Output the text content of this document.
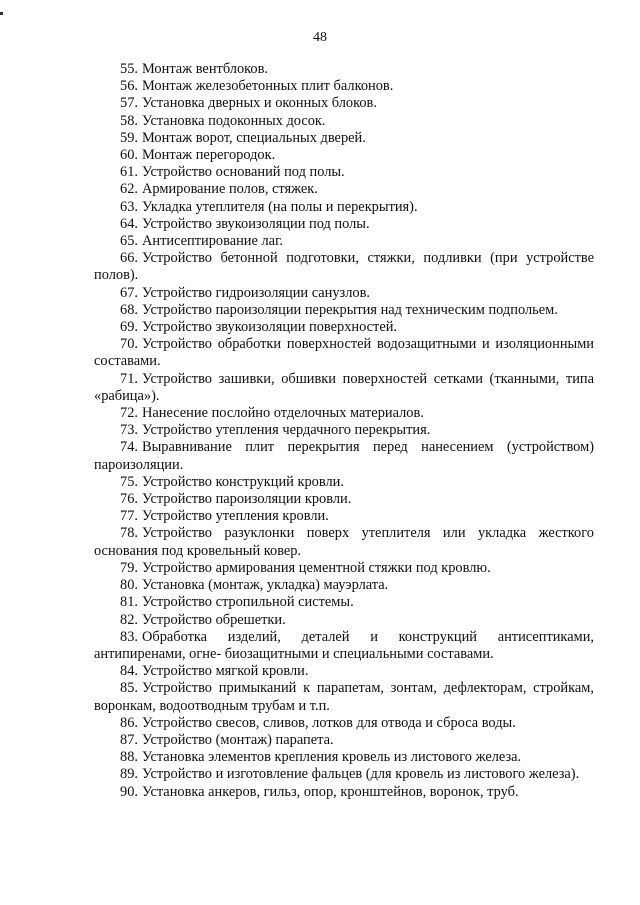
48

55. Монтаж вентблоков.

56. Монтаж железобетонных плит балконов.

57. Установка дверных и оконных блоков.

58. Установка подоконных досок.

59. Монтаж ворот, специальных дверей.

60. Монтаж перегородок.

61. Устройство оснований под полы.

62. Армирование полов, стяжек.

63. Укладка утеплителя (на полы и перекрытия).

64. Устройство звукоизоляции под полы.

65. Антисептирование лаг.

66. Устройство бетонной подготовки, стяжки, подливки (при устройстве полов).

67. Устройство гидроизоляции санузлов.

68. Устройство пароизоляции перекрытия над техническим подпольем.

69. Устройство звукоизоляции поверхностей.

70. Устройство обработки поверхностей водозащитными и изоляционными составами.

71. Устройство зашивки, обшивки поверхностей сетками (тканными, типа «рабица»).

72. Нанесение послойно отделочных материалов.

73. Устройство утепления чердачного перекрытия.

74. Выравнивание плит перекрытия перед нанесением (устройством) пароизоляции.

75. Устройство конструкций кровли.

76. Устройство пароизоляции кровли.

77. Устройство утепления кровли.

78. Устройство разуклонки поверх утеплителя или укладка жесткого основания под кровельный ковер.

79. Устройство армирования цементной стяжки под кровлю.

80. Установка (монтаж, укладка) мауэрлата.

81. Устройство стропильной системы.

82. Устройство обрешетки.

83. Обработка изделий, деталей и конструкций антисептиками, антипиренами, огне- биозащитными и специальными составами.

84. Устройство мягкой кровли.

85. Устройство примыканий к парапетам, зонтам, дефлекторам, стройкам, воронкам, водоотводным трубам и т.п.

86. Устройство свесов, сливов, лотков для отвода и сброса воды.

87. Устройство (монтаж) парапета.

88. Установка элементов крепления кровель из листового железа.

89. Устройство и изготовление фальцев (для кровель из листового железа).

90. Установка анкеров, гильз, опор, кронштейнов, воронок, труб.
